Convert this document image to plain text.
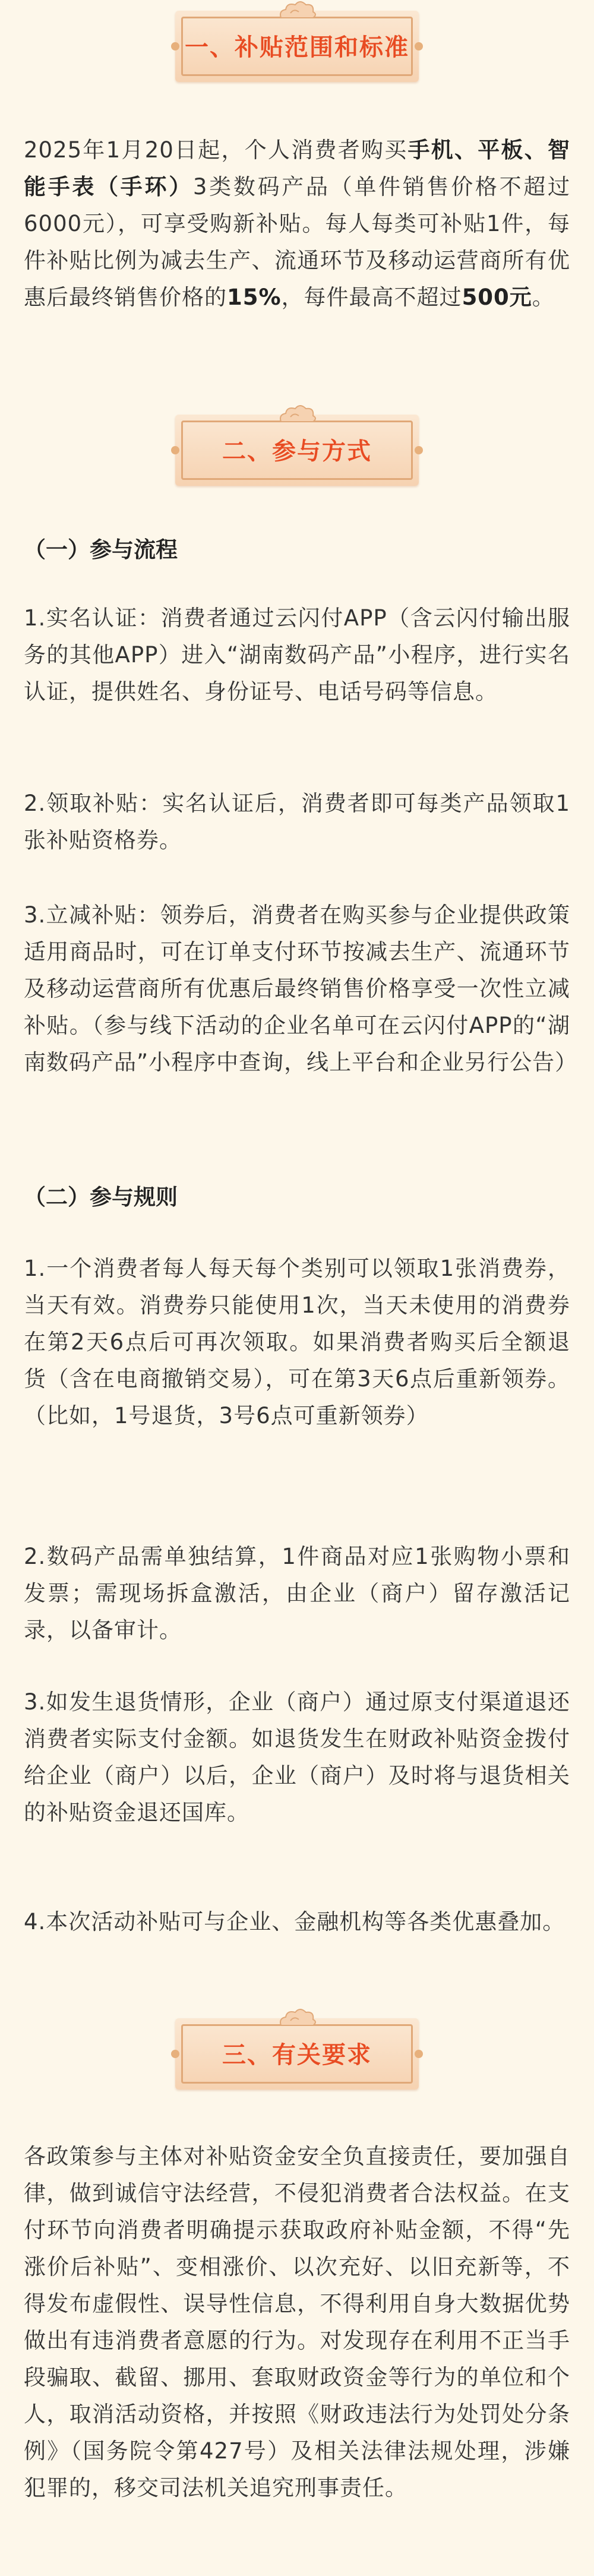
一、补贴范围和标准

2025年1月20日起，个人消费者购买手机、平板、智能手表（手环）3类数码产品（单件销售价格不超过6000元），可享受购新补贴。每人每类可补贴1件，每件补贴比例为减去生产、流通环节及移动运营商所有优惠后最终销售价格的15%，每件最高不超过500元。

二、参与方式

（一）参与流程

1.实名认证：消费者通过云闪付APP（含云闪付输出服务的其他APP）进入“湖南数码产品”小程序，进行实名认证，提供姓名、身份证号、电话号码等信息。

2.领取补贴：实名认证后，消费者即可每类产品领取1张补贴资格券。

3.立减补贴：领券后，消费者在购买参与企业提供政策适用商品时，可在订单支付环节按减去生产、流通环节及移动运营商所有优惠后最终销售价格享受一次性立减补贴。（参与线下活动的企业名单可在云闪付APP的“湖南数码产品”小程序中查询，线上平台和企业另行公告）

（二）参与规则

1.一个消费者每人每天每个类别可以领取1张消费券，当天有效。消费券只能使用1次，当天未使用的消费券在第2天6点后可再次领取。如果消费者购买后全额退货（含在电商撤销交易），可在第3天6点后重新领券。（比如，1号退货，3号6点可重新领券）

2.数码产品需单独结算，1件商品对应1张购物小票和发票；需现场拆盒激活，由企业（商户）留存激活记录，以备审计。

3.如发生退货情形，企业（商户）通过原支付渠道退还消费者实际支付金额。如退货发生在财政补贴资金拨付给企业（商户）以后，企业（商户）及时将与退货相关的补贴资金退还国库。

4.本次活动补贴可与企业、金融机构等各类优惠叠加。

三、有关要求

各政策参与主体对补贴资金安全负直接责任，要加强自律，做到诚信守法经营，不侵犯消费者合法权益。在支付环节向消费者明确提示获取政府补贴金额，不得“先涨价后补贴”、变相涨价、以次充好、以旧充新等，不得发布虚假性、误导性信息，不得利用自身大数据优势做出有违消费者意愿的行为。对发现存在利用不正当手段骗取、截留、挪用、套取财政资金等行为的单位和个人，取消活动资格，并按照《财政违法行为处罚处分条例》（国务院令第427号）及相关法律法规处理，涉嫌犯罪的，移交司法机关追究刑事责任。
